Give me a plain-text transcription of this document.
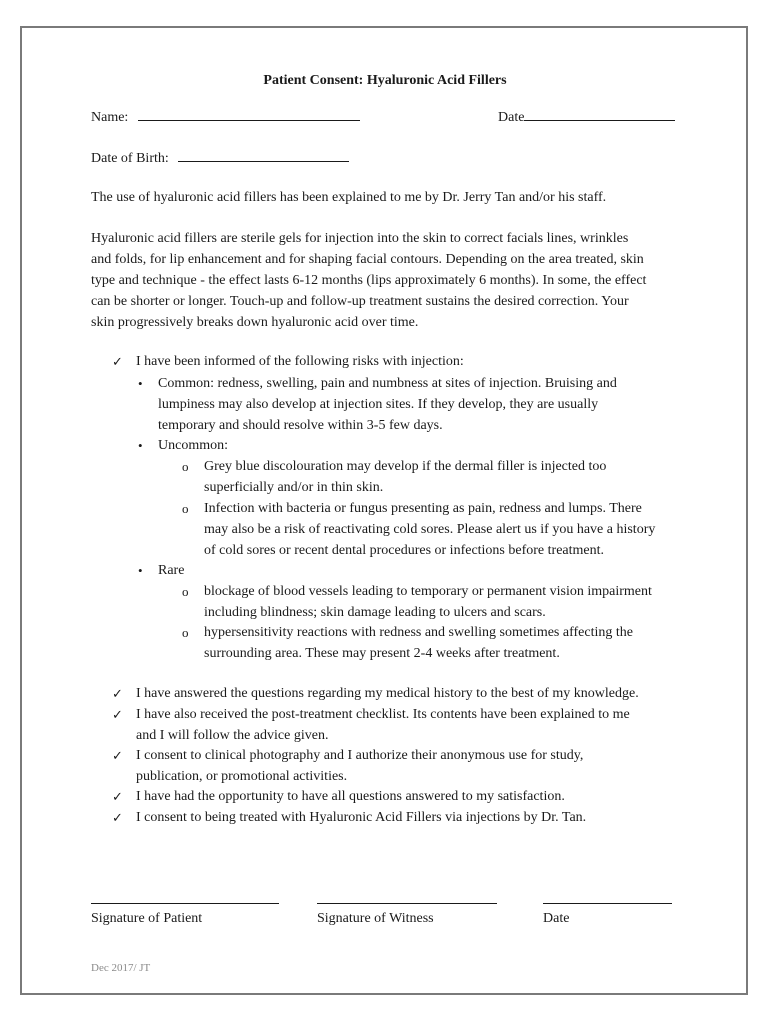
Patient Consent: Hyaluronic Acid Fillers
Name:	Date
Date of Birth:
The use of hyaluronic acid fillers has been explained to me by Dr. Jerry Tan and/or his staff.
Hyaluronic acid fillers are sterile gels for injection into the skin to correct facials lines, wrinkles
and folds, for lip enhancement and for shaping facial contours. Depending on the area treated, skin
type and technique - the effect lasts 6-12 months (lips approximately 6 months). In some, the effect
can be shorter or longer. Touch-up and follow-up treatment sustains the desired correction. Your
skin progressively breaks down hyaluronic acid over time.
✓ I have been informed of the following risks with injection:
• Common: redness, swelling, pain and numbness at sites of injection. Bruising and
lumpiness may also develop at injection sites. If they develop, they are usually
temporary and should resolve within 3-5 few days.
• Uncommon:
o Grey blue discolouration may develop if the dermal filler is injected too
superficially and/or in thin skin.
o Infection with bacteria or fungus presenting as pain, redness and lumps. There
may also be a risk of reactivating cold sores. Please alert us if you have a history
of cold sores or recent dental procedures or infections before treatment.
• Rare
o blockage of blood vessels leading to temporary or permanent vision impairment
including blindness; skin damage leading to ulcers and scars.
o hypersensitivity reactions with redness and swelling sometimes affecting the
surrounding area. These may present 2-4 weeks after treatment.
✓ I have answered the questions regarding my medical history to the best of my knowledge.
✓ I have also received the post-treatment checklist. Its contents have been explained to me
and I will follow the advice given.
✓ I consent to clinical photography and I authorize their anonymous use for study,
publication, or promotional activities.
✓ I have had the opportunity to have all questions answered to my satisfaction.
✓ I consent to being treated with Hyaluronic Acid Fillers via injections by Dr. Tan.
Signature of Patient	Signature of Witness	Date
Dec 2017/ JT
